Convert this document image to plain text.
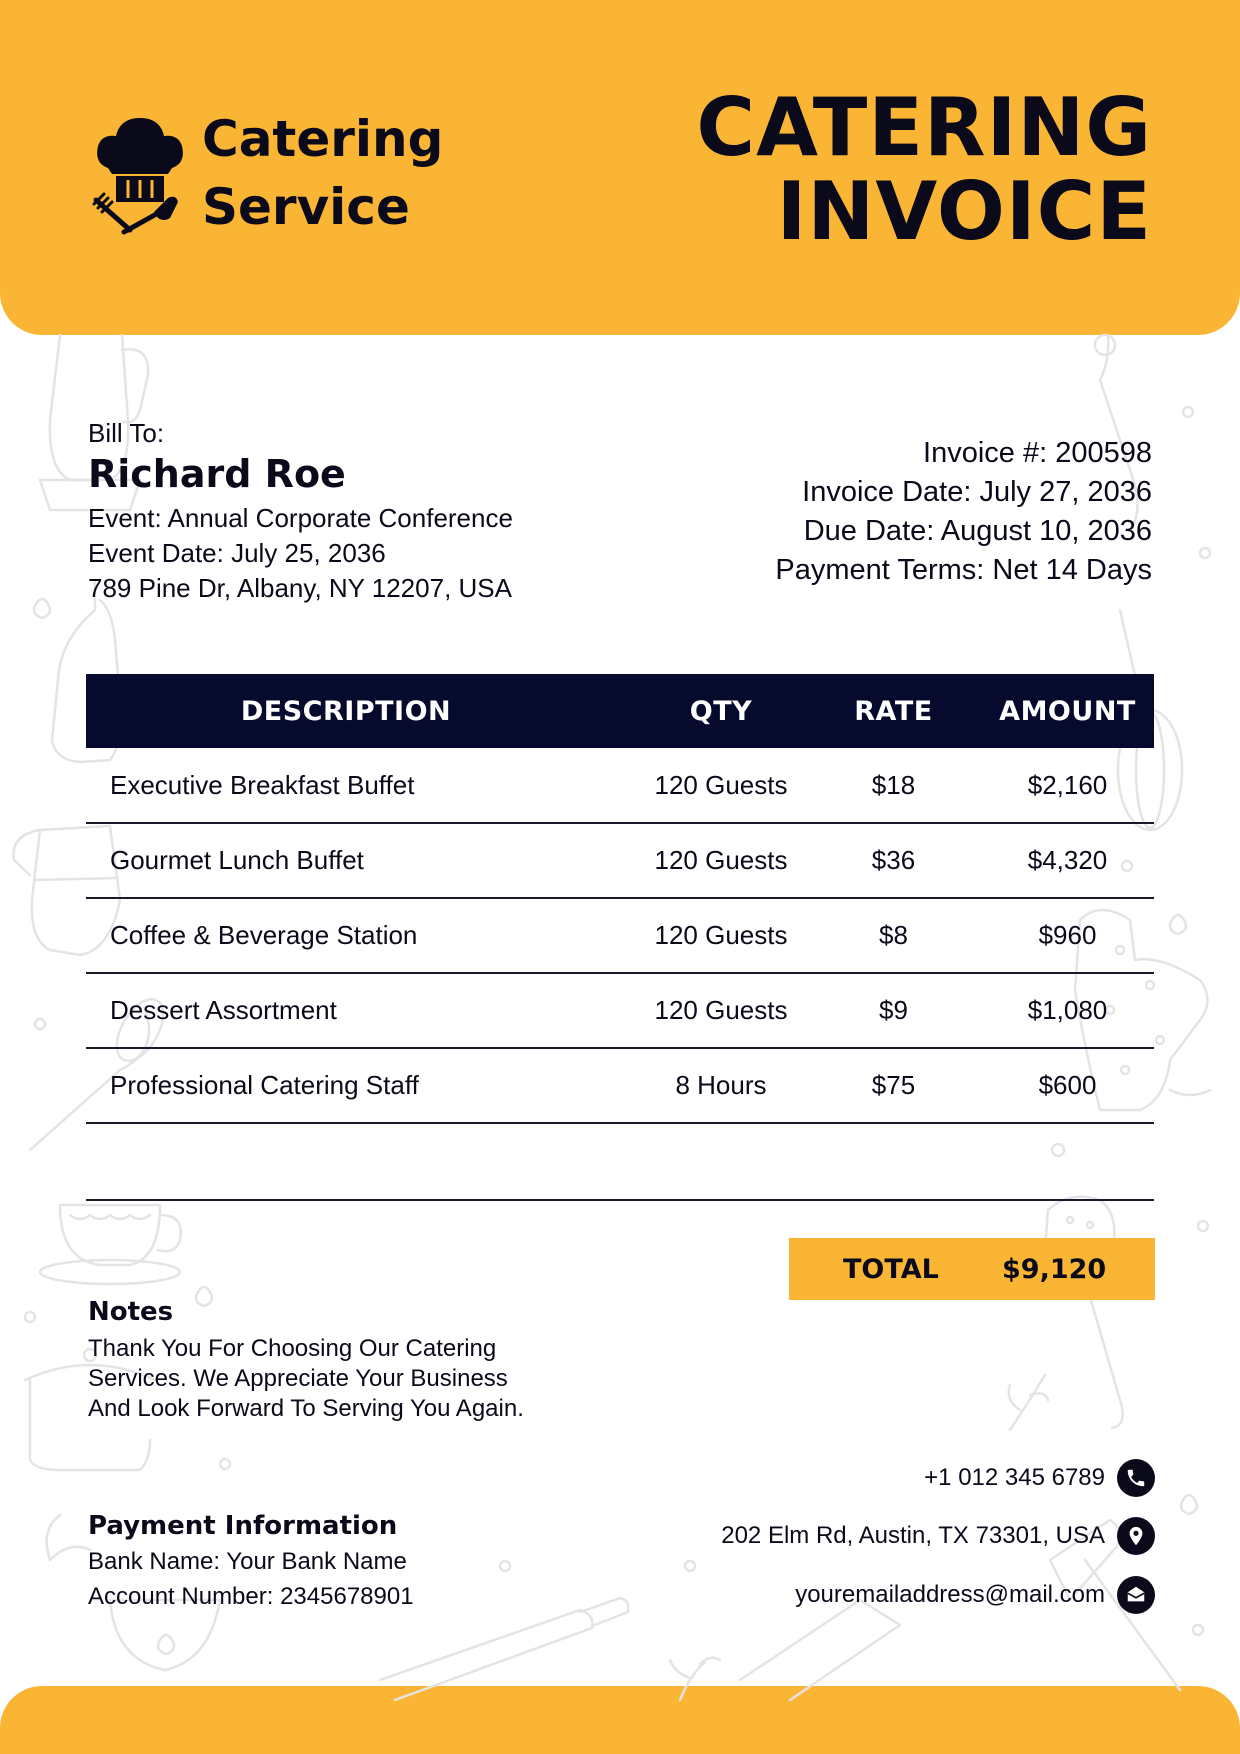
Catering
Service
CATERING
INVOICE
Bill To:
Richard Roe
Event: Annual Corporate Conference
Event Date: July 25, 2036
789 Pine Dr, Albany, NY 12207, USA
Invoice #: 200598
Invoice Date: July 27, 2036
Due Date: August 10, 2036
Payment Terms: Net 14 Days
DESCRIPTION	QTY	RATE	AMOUNT
Executive Breakfast Buffet	120 Guests	$18	$2,160
Gourmet Lunch Buffet	120 Guests	$36	$4,320
Coffee & Beverage Station	120 Guests	$8	$960
Dessert Assortment	120 Guests	$9	$1,080
Professional Catering Staff	8 Hours	$75	$600
TOTAL $9,120
Notes
Thank You For Choosing Our Catering
Services. We Appreciate Your Business
And Look Forward To Serving You Again.
Payment Information
Bank Name: Your Bank Name
Account Number: 2345678901
+1 012 345 6789
202 Elm Rd, Austin, TX 73301, USA
youremailaddress@mail.com
